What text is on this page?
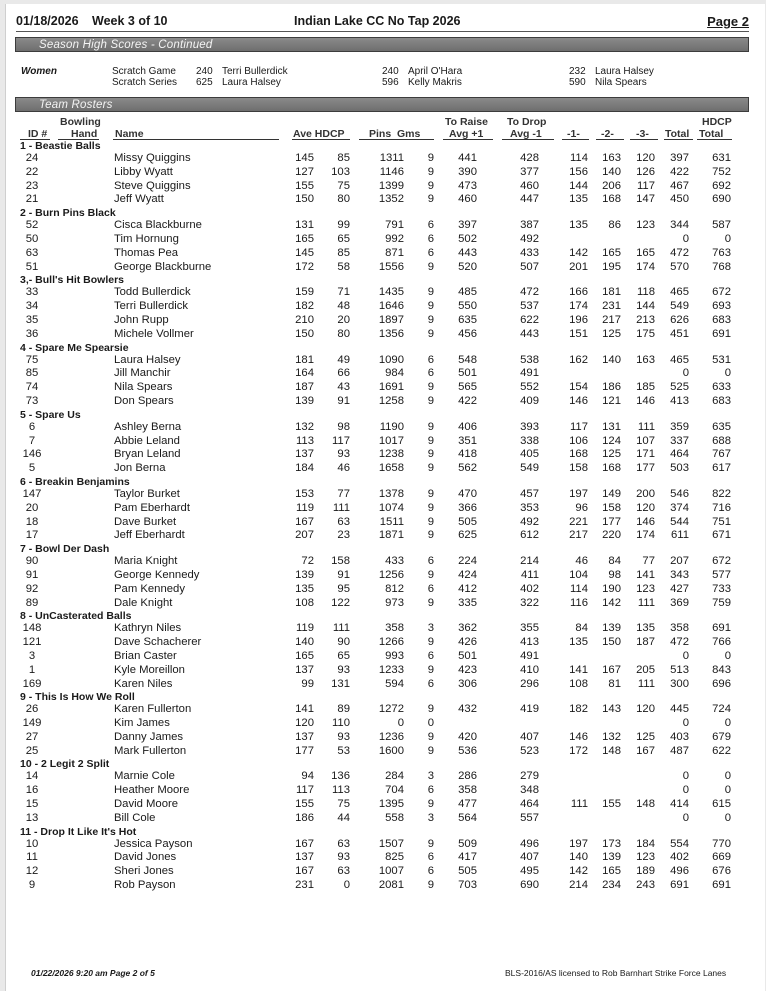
01/18/2026 Week 3 of 10	Indian Lake CC No Tap 2026	Page 2
Season High Scores - Continued
Women	Scratch Game 240 Terri Bullerdick	240 April O'Hara	232 Laura Halsey
Scratch Series 625 Laura Halsey	596 Kelly Makris	590 Nila Spears
Team Rosters
Bowling
ID # Hand Name	Ave HDCP Pins  Gms
To Raise
Avg +1
To Drop
Avg -1 -1- -2- -3- Total
HDCP
Total
1 - Beastie Balls
24	Missy Quiggins	145 85	1311 9 441	428	114 163 120 397 631
22	Libby Wyatt	127 103	1146 9 390	377	156 140 126 422 752
23	Steve Quiggins	155 75	1399 9 473	460	144 206 117 467 692
21	Jeff Wyatt	150 80	1352 9 460	447	135 168 147 450 690
2 - Burn Pins Black
52	Cisca Blackburne	131 99	791 6 397	387	135 86 123 344 587
50	Tim Hornung	165 65	992 6 502	492	0	0
63	Thomas Pea	145 85	871 6 443	433	142 165 165 472 763
51	George Blackburne	172 58	1556 9 520	507	201 195 174 570 768
3,- Bull's Hit Bowlers
33	Todd Bullerdick	159 71	1435 9 485	472	166 181 118 465 672
34	Terri Bullerdick	182 48	1646 9 550	537	174 231 144 549 693
35	John Rupp	210 20	1897 9 635	622	196 217 213 626 683
36	Michele Vollmer	150 80	1356 9 456	443	151 125 175 451 691
4 - Spare Me Spearsie
75	Laura Halsey	181 49	1090 6 548	538	162 140 163 465 531
85	Jill Manchir	164 66	984 6 501	491	0	0
74	Nila Spears	187 43	1691 9 565	552	154 186 185 525 633
73	Don Spears	139 91	1258 9 422	409	146 121 146 413 683
5 - Spare Us
6	Ashley Berna	132 98	1190 9 406	393	117 131 111 359 635
7	Abbie Leland	113 117	1017 9 351	338	106 124 107 337 688
146	Bryan Leland	137 93	1238 9 418	405	168 125 171 464 767
5	Jon Berna	184 46	1658 9 562	549	158 168 177 503 617
6 - Breakin Benjamins
147	Taylor Burket	153 77	1378 9 470	457	197 149 200 546 822
20	Pam Eberhardt	119 111	1074 9 366	353	96 158 120 374 716
18	Dave Burket	167 63	1511 9 505	492	221 177 146 544 751
17	Jeff Eberhardt	207 23	1871 9 625	612	217 220 174 611 671
7 - Bowl Der Dash
90	Maria Knight	72 158	433 6 224	214	46 84 77 207 672
91	George Kennedy	139 91	1256 9 424	411	104 98 141 343 577
92	Pam Kennedy	135 95	812 6 412	402	114 190 123 427 733
89	Dale Knight	108 122	973 9 335	322	116 142 111 369 759
8 - UnCasterated Balls
148	Kathryn Niles	119 111	358 3 362	355	84 139 135 358 691
121	Dave Schacherer	140 90	1266 9 426	413	135 150 187 472 766
3	Brian Caster	165 65	993 6 501	491	0	0
1	Kyle Moreillon	137 93	1233 9 423	410	141 167 205 513 843
169	Karen Niles	99 131	594 6 306	296	108 81 111 300 696
9 - This Is How We Roll
26	Karen Fullerton	141 89	1272 9 432	419	182 143 120 445 724
149	Kim James	120 110	0 0	0	0
27	Danny James	137 93	1236 9 420	407	146 132 125 403 679
25	Mark Fullerton	177 53	1600 9 536	523	172 148 167 487 622
10 - 2 Legit 2 Split
14	Marnie Cole	94 136	284 3 286	279	0	0
16	Heather Moore	117 113	704 6 358	348	0	0
15	David Moore	155 75	1395 9 477	464	111 155 148 414 615
13	Bill Cole	186 44	558 3 564	557	0	0
11 - Drop It Like It's Hot
10	Jessica Payson	167 63	1507 9 509	496	197 173 184 554 770
11	David Jones	137 93	825 6 417	407	140 139 123 402 669
12	Sheri Jones	167 63	1007 6 505	495	142 165 189 496 676
9	Rob Payson	231	0	2081 9 703	690	214 234 243 691 691
01/22/2026 9:20 am Page 2 of 5	BLS-2016/AS licensed to Rob Barnhart Strike Force Lanes
